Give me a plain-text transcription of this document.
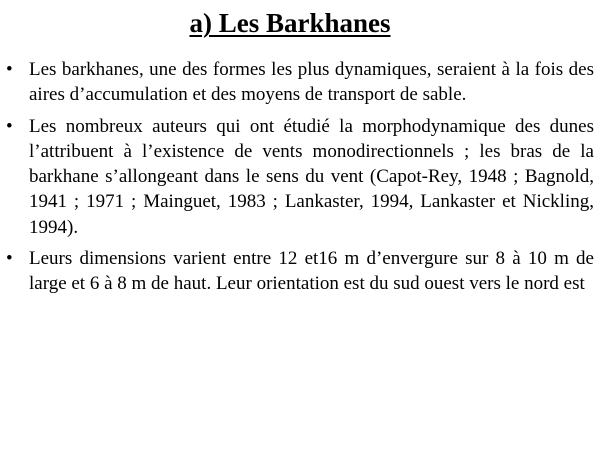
a) Les Barkhanes
• Les barkhanes, une des formes les plus dynamiques, seraient à la fois des aires d’accumulation et des moyens de transport de sable.
• Les nombreux auteurs qui ont étudié la morphodynamique des dunes l’attribuent à l’existence de vents monodirectionnels ; les bras de la barkhane s’allongeant dans le sens du vent (Capot-Rey, 1948 ; Bagnold, 1941 ; 1971 ; Mainguet, 1983 ; Lankaster, 1994, Lankaster et Nickling, 1994).
• Leurs dimensions varient entre 12 et16 m d’envergure sur 8 à 10 m de large et 6 à 8 m de haut. Leur orientation est du sud ouest vers le nord est
